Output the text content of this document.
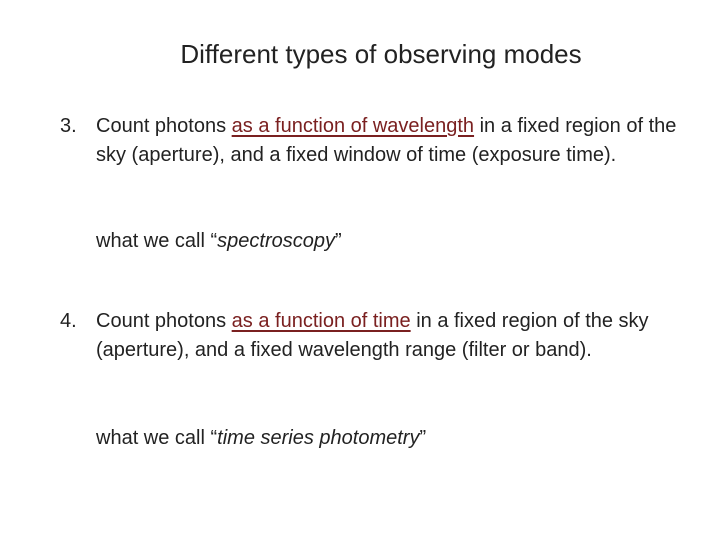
Different types of observing modes
3. Count photons as a function of wavelength in a fixed region of the sky (aperture), and a fixed window of time (exposure time).
what we call “spectroscopy”
4. Count photons as a function of time in a fixed region of the sky (aperture), and a fixed wavelength range (filter or band).
what we call “time series photometry”
